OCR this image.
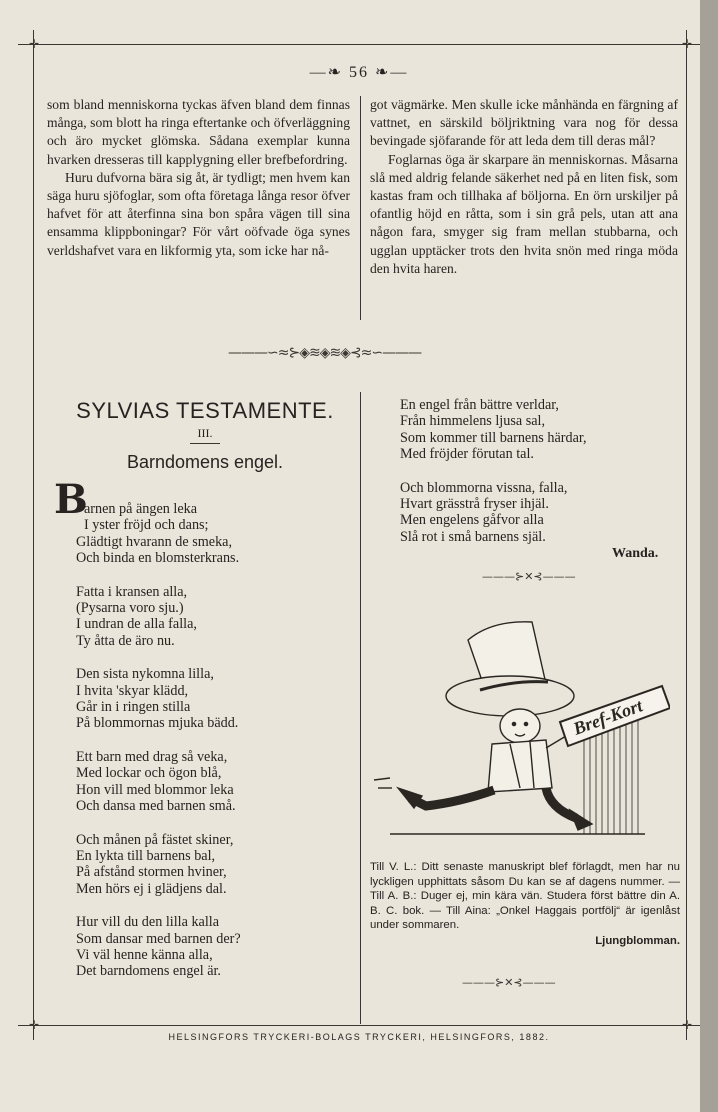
✛	✛
✛	✛
—❧ 56 ❧—

som bland menniskorna tyckas äfven bland dem finnas många, som blott ha ringa eftertanke och öfverläggning och äro mycket glömska. Sådana exemplar kunna hvarken dresseras till kapplygning eller brefbefordring.

Huru dufvorna bära sig åt, är tydligt; men hvem kan säga huru sjöfoglar, som ofta företaga långa resor öfver hafvet för att återfinna sina bon spåra vägen till sina ensamma klippboningar? För vårt oöfvade öga synes verldshafvet vara en likformig yta, som icke har nå-

got vägmärke. Men skulle icke månhända en färgning af vattnet, en särskild böljriktning vara nog för dessa bevingade sjöfarande för att leda dem till deras mål?

Foglarnas öga är skarpare än menniskornas. Måsarna slå med aldrig felande säkerhet ned på en liten fisk, som kastas fram och tillhaka af böljorna. En örn urskiljer på ofantlig höjd en råtta, som i sin grå pels, utan att ana någon fara, smyger sig fram mellan stubbarna, och ugglan upptäcker trots den hvita snön med ringa möda den hvita haren.

———∽≈⊱◈≋◈≋◈⊰≈∽———
SYLVIAS TESTAMENTE.
III.
Barndomens engel.
B
arnen på ängen leka
I yster fröjd och dans;
Glädtigt hvarann de smeka,
Och binda en blomsterkrans.
Fatta i kransen alla,
(Pysarna voro sju.)
I undran de alla falla,
Ty åtta de äro nu.
Den sista nykomna lilla,
I hvita 'skyar klädd,
Går in i ringen stilla
På blommornas mjuka bädd.
Ett barn med drag så veka,
Med lockar och ögon blå,
Hon vill med blommor leka
Och dansa med barnen små.
Och månen på fästet skiner,
En lykta till barnens bal,
På afstånd stormen hviner,
Men hörs ej i glädjens dal.
Hur vill du den lilla kalla
Som dansar med barnen der?
Vi väl henne känna alla,
Det barndomens engel är.
En engel från bättre verldar,
Från himmelens ljusa sal,
Som kommer till barnens härdar,
Med fröjder förutan tal.
Och blommorna vissna, falla,
Hvart grässtrå fryser ihjäl.
Men engelens gåfvor alla
Slå rot i små barnens själ.
Wanda.
———⊱✕⊰———
Bref-Kort
Till V. L.: Ditt senaste manuskript blef förlagdt, men har nu lyckligen upphittats såsom Du kan se af dagens nummer. — Till A. B.: Duger ej, min kära vän. Studera först bättre din A. B. C. bok. — Till Aina: „Onkel Haggais portfölj“ är igenlåst under sommaren.
Ljungblomman.
———⊱✕⊰———
HELSINGFORS TRYCKERI-BOLAGS TRYCKERI, HELSINGFORS, 1882.
